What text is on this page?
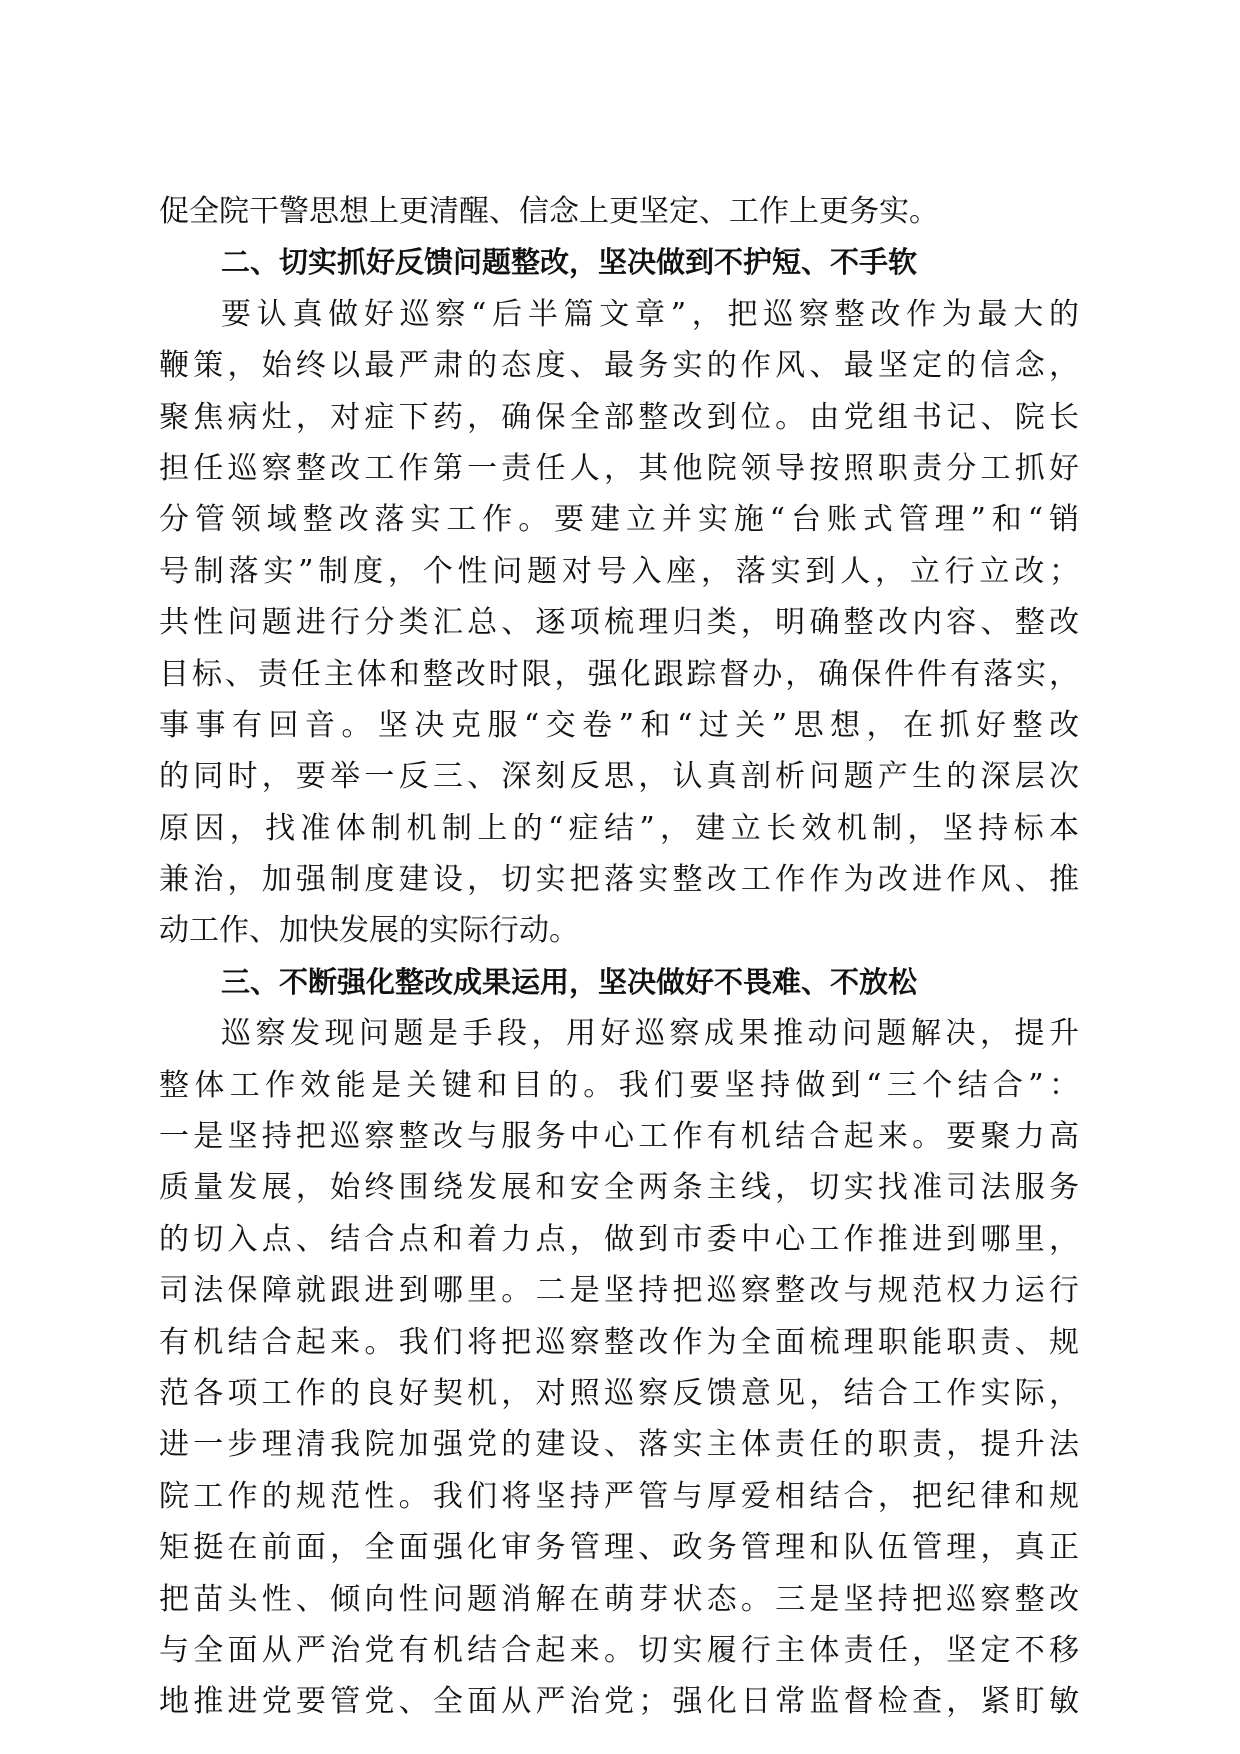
促全院干警思想上更清醒、信念上更坚定、工作上更务实。
二、切实抓好反馈问题整改，坚决做到不护短、不手软
要认真做好巡察“后半篇文章”，把巡察整改作为最大的
鞭策，始终以最严肃的态度、最务实的作风、最坚定的信念，
聚焦病灶，对症下药，确保全部整改到位。由党组书记、院长
担任巡察整改工作第一责任人，其他院领导按照职责分工抓好
分管领域整改落实工作。要建立并实施“台账式管理”和“销
号制落实”制度，个性问题对号入座，落实到人，立行立改；
共性问题进行分类汇总、逐项梳理归类，明确整改内容、整改
目标、责任主体和整改时限，强化跟踪督办，确保件件有落实，
事事有回音。坚决克服“交卷”和“过关”思想，在抓好整改
的同时，要举一反三、深刻反思，认真剖析问题产生的深层次
原因，找准体制机制上的“症结”，建立长效机制，坚持标本
兼治，加强制度建设，切实把落实整改工作作为改进作风、推
动工作、加快发展的实际行动。
三、不断强化整改成果运用，坚决做好不畏难、不放松
巡察发现问题是手段，用好巡察成果推动问题解决，提升
整体工作效能是关键和目的。我们要坚持做到“三个结合”：
一是坚持把巡察整改与服务中心工作有机结合起来。要聚力高
质量发展，始终围绕发展和安全两条主线，切实找准司法服务
的切入点、结合点和着力点，做到市委中心工作推进到哪里，
司法保障就跟进到哪里。二是坚持把巡察整改与规范权力运行
有机结合起来。我们将把巡察整改作为全面梳理职能职责、规
范各项工作的良好契机，对照巡察反馈意见，结合工作实际，
进一步理清我院加强党的建设、落实主体责任的职责，提升法
院工作的规范性。我们将坚持严管与厚爱相结合，把纪律和规
矩挺在前面，全面强化审务管理、政务管理和队伍管理，真正
把苗头性、倾向性问题消解在萌芽状态。三是坚持把巡察整改
与全面从严治党有机结合起来。切实履行主体责任，坚定不移
地推进党要管党、全面从严治党；强化日常监督检查，紧盯敏
